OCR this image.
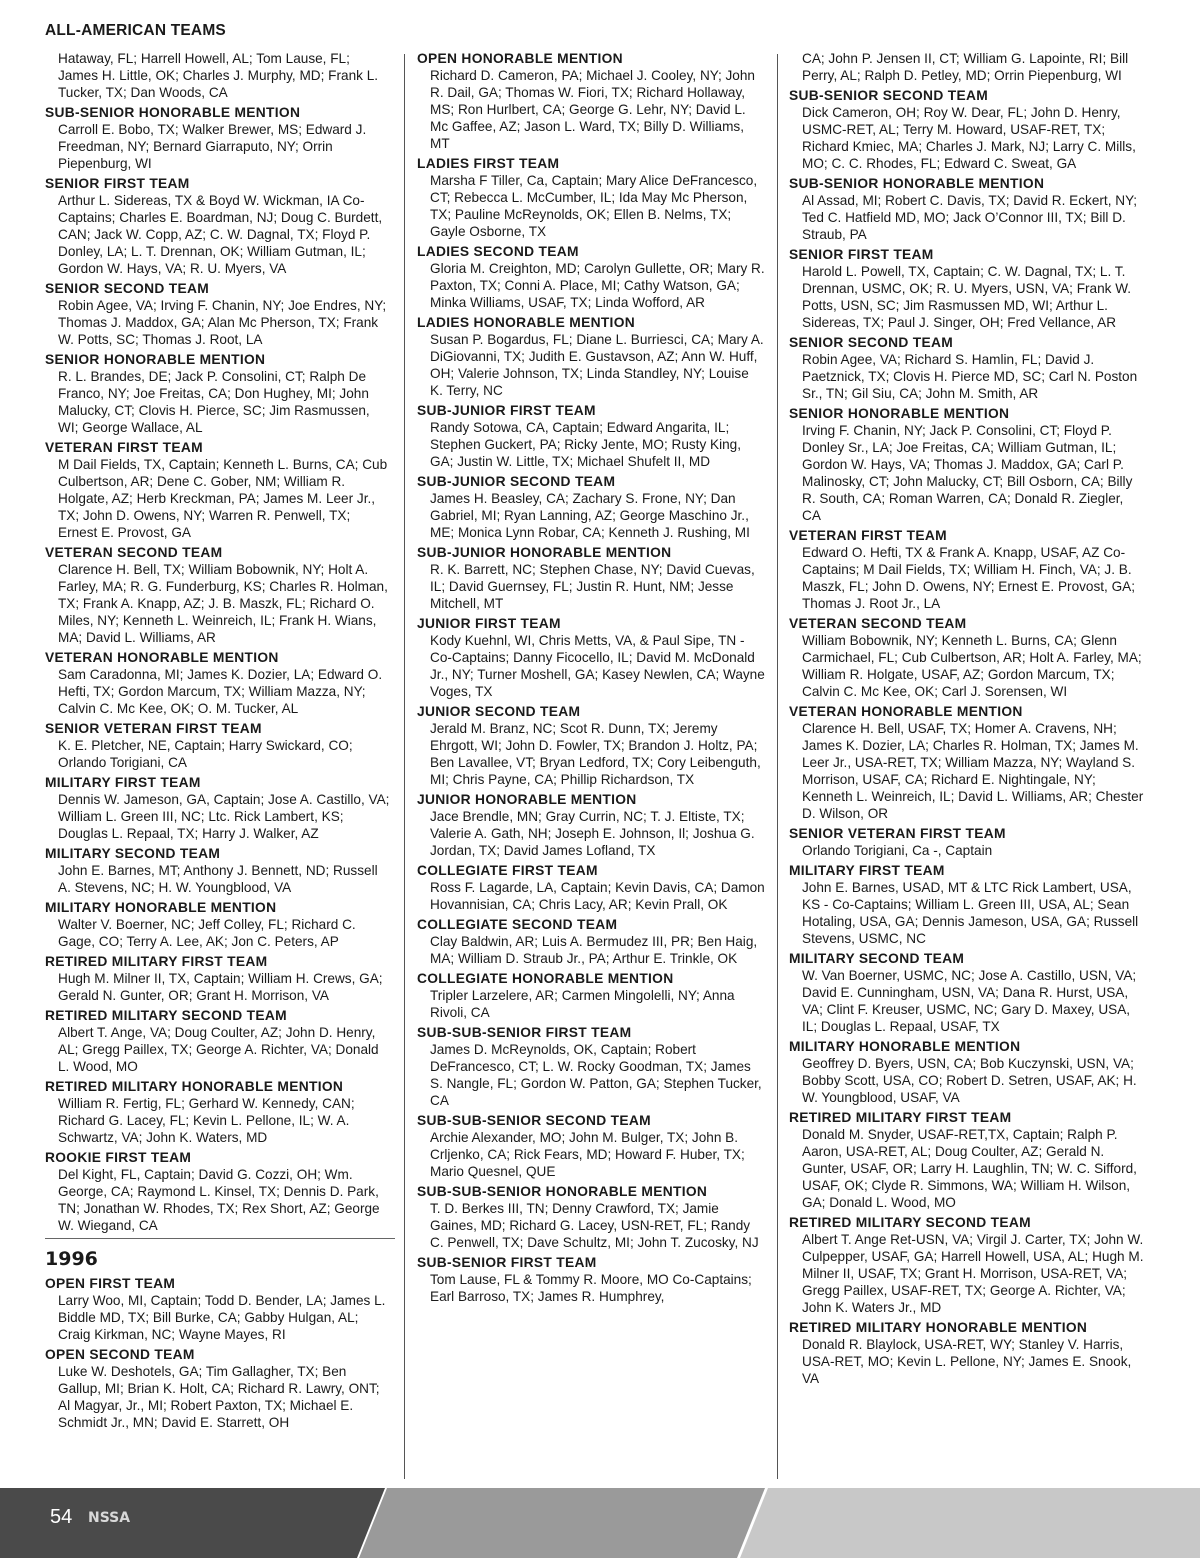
ALL-AMERICAN TEAMS
Hataway, FL; Harrell Howell, AL; Tom Lause, FL; James H. Little, OK; Charles J. Murphy, MD; Frank L. Tucker, TX; Dan Woods, CA
SUB-SENIOR HONORABLE MENTION
Carroll E. Bobo, TX; Walker Brewer, MS; Edward J. Freedman, NY; Bernard Giarraputo, NY; Orrin Piepenburg, WI
SENIOR FIRST TEAM
Arthur L. Sidereas, TX & Boyd W. Wickman, IA Co-Captains; Charles E. Boardman, NJ; Doug C. Burdett, CAN; Jack W. Copp, AZ; C. W. Dagnal, TX; Floyd P. Donley, LA; L. T. Drennan, OK; William Gutman, IL; Gordon W. Hays, VA; R. U. Myers, VA
SENIOR SECOND TEAM
Robin Agee, VA; Irving F. Chanin, NY; Joe Endres, NY; Thomas J. Maddox, GA; Alan Mc Pherson, TX; Frank W. Potts, SC; Thomas J. Root, LA
SENIOR HONORABLE MENTION
R. L. Brandes, DE; Jack P. Consolini, CT; Ralph De Franco, NY; Joe Freitas, CA; Don Hughey, MI; John Malucky, CT; Clovis H. Pierce, SC; Jim Rasmussen, WI; George Wallace, AL
VETERAN FIRST TEAM
M Dail Fields, TX, Captain; Kenneth L. Burns, CA; Cub Culbertson, AR; Dene C. Gober, NM; William R. Holgate, AZ; Herb Kreckman, PA; James M. Leer Jr., TX; John D. Owens, NY; Warren R. Penwell, TX; Ernest E. Provost, GA
VETERAN SECOND TEAM
Clarence H. Bell, TX; William Bobownik, NY; Holt A. Farley, MA; R. G. Funderburg, KS; Charles R. Holman, TX; Frank A. Knapp, AZ; J. B. Maszk, FL; Richard O. Miles, NY; Kenneth L. Weinreich, IL; Frank H. Wians, MA; David L. Williams, AR
VETERAN HONORABLE MENTION
Sam Caradonna, MI; James K. Dozier, LA; Edward O. Hefti, TX; Gordon Marcum, TX; William Mazza, NY; Calvin C. Mc Kee, OK; O. M. Tucker, AL
SENIOR VETERAN FIRST TEAM
K. E. Pletcher, NE, Captain; Harry Swickard, CO; Orlando Torigiani, CA
MILITARY FIRST TEAM
Dennis W. Jameson, GA, Captain; Jose A. Castillo, VA; William L. Green III, NC; Ltc. Rick Lambert, KS; Douglas L. Repaal, TX; Harry J. Walker, AZ
MILITARY SECOND TEAM
John E. Barnes, MT; Anthony J. Bennett, ND; Russell A. Stevens, NC; H. W. Youngblood, VA
MILITARY HONORABLE MENTION
Walter V. Boerner, NC; Jeff Colley, FL; Richard C. Gage, CO; Terry A. Lee, AK; Jon C. Peters, AP
RETIRED MILITARY FIRST TEAM
Hugh M. Milner II, TX, Captain; William H. Crews, GA; Gerald N. Gunter, OR; Grant H. Morrison, VA
RETIRED MILITARY SECOND TEAM
Albert T. Ange, VA; Doug Coulter, AZ; John D. Henry, AL; Gregg Paillex, TX; George A. Richter, VA; Donald L. Wood, MO
RETIRED MILITARY HONORABLE MENTION
William R. Fertig, FL; Gerhard W. Kennedy, CAN; Richard G. Lacey, FL; Kevin L. Pellone, IL; W. A. Schwartz, VA; John K. Waters, MD
ROOKIE FIRST TEAM
Del Kight, FL, Captain; David G. Cozzi, OH; Wm. George, CA; Raymond L. Kinsel, TX; Dennis D. Park, TN; Jonathan W. Rhodes, TX; Rex Short, AZ; George W. Wiegand, CA
1996
OPEN FIRST TEAM
Larry Woo, MI, Captain; Todd D. Bender, LA; James L. Biddle MD, TX; Bill Burke, CA; Gabby Hulgan, AL; Craig Kirkman, NC; Wayne Mayes, RI
OPEN SECOND TEAM
Luke W. Deshotels, GA; Tim Gallagher, TX; Ben Gallup, MI; Brian K. Holt, CA; Richard R. Lawry, ONT; Al Magyar, Jr., MI; Robert Paxton, TX; Michael E. Schmidt Jr., MN; David E. Starrett, OH
OPEN HONORABLE MENTION
Richard D. Cameron, PA; Michael J. Cooley, NY; John R. Dail, GA; Thomas W. Fiori, TX; Richard Hollaway, MS; Ron Hurlbert, CA; George G. Lehr, NY; David L. Mc Gaffee, AZ; Jason L. Ward, TX; Billy D. Williams, MT
LADIES FIRST TEAM
Marsha F Tiller, Ca, Captain; Mary Alice DeFrancesco, CT; Rebecca L. McCumber, IL; Ida May Mc Pherson, TX; Pauline McReynolds, OK; Ellen B. Nelms, TX; Gayle Osborne, TX
LADIES SECOND TEAM
Gloria M. Creighton, MD; Carolyn Gullette, OR; Mary R. Paxton, TX; Conni A. Place, MI; Cathy Watson, GA; Minka Williams, USAF, TX; Linda Wofford, AR
LADIES HONORABLE MENTION
Susan P. Bogardus, FL; Diane L. Burriesci, CA; Mary A. DiGiovanni, TX; Judith E. Gustavson, AZ; Ann W. Huff, OH; Valerie Johnson, TX; Linda Standley, NY; Louise K. Terry, NC
SUB-JUNIOR FIRST TEAM
Randy Sotowa, CA, Captain; Edward Angarita, IL; Stephen Guckert, PA; Ricky Jente, MO; Rusty King, GA; Justin W. Little, TX; Michael Shufelt II, MD
SUB-JUNIOR SECOND TEAM
James H. Beasley, CA; Zachary S. Frone, NY; Dan Gabriel, MI; Ryan Lanning, AZ; George Maschino Jr., ME; Monica Lynn Robar, CA; Kenneth J. Rushing, MI
SUB-JUNIOR HONORABLE MENTION
R. K. Barrett, NC; Stephen Chase, NY; David Cuevas, IL; David Guernsey, FL; Justin R. Hunt, NM; Jesse Mitchell, MT
JUNIOR FIRST TEAM
Kody Kuehnl, WI, Chris Metts, VA, & Paul Sipe, TN - Co-Captains; Danny Ficocello, IL; David M. McDonald Jr., NY; Turner Moshell, GA; Kasey Newlen, CA; Wayne Voges, TX
JUNIOR SECOND TEAM
Jerald M. Branz, NC; Scot R. Dunn, TX; Jeremy Ehrgott, WI; John D. Fowler, TX; Brandon J. Holtz, PA; Ben Lavallee, VT; Bryan Ledford, TX; Cory Leibenguth, MI; Chris Payne, CA; Phillip Richardson, TX
JUNIOR HONORABLE MENTION
Jace Brendle, MN; Gray Currin, NC; T. J. Eltiste, TX; Valerie A. Gath, NH; Joseph E. Johnson, Il; Joshua G. Jordan, TX; David James Lofland, TX
COLLEGIATE FIRST TEAM
Ross F. Lagarde, LA, Captain; Kevin Davis, CA; Damon Hovannisian, CA; Chris Lacy, AR; Kevin Prall, OK
COLLEGIATE SECOND TEAM
Clay Baldwin, AR; Luis A. Bermudez III, PR; Ben Haig, MA; William D. Straub Jr., PA; Arthur E. Trinkle, OK
COLLEGIATE HONORABLE MENTION
Tripler Larzelere, AR; Carmen Mingolelli, NY; Anna Rivoli, CA
SUB-SUB-SENIOR FIRST TEAM
James D. McReynolds, OK, Captain; Robert DeFrancesco, CT; L. W. Rocky Goodman, TX; James S. Nangle, FL; Gordon W. Patton, GA; Stephen Tucker, CA
SUB-SUB-SENIOR SECOND TEAM
Archie Alexander, MO; John M. Bulger, TX; John B. Crljenko, CA; Rick Fears, MD; Howard F. Huber, TX; Mario Quesnel, QUE
SUB-SUB-SENIOR HONORABLE MENTION
T. D. Berkes III, TN; Denny Crawford, TX; Jamie Gaines, MD; Richard G. Lacey, USN-RET, FL; Randy C. Penwell, TX; Dave Schultz, MI; John T. Zucosky, NJ
SUB-SENIOR FIRST TEAM
Tom Lause, FL & Tommy R. Moore, MO Co-Captains; Earl Barroso, TX; James R. Humphrey,
CA; John P. Jensen II, CT; William G. Lapointe, RI; Bill Perry, AL; Ralph D. Petley, MD; Orrin Piepenburg, WI
SUB-SENIOR SECOND TEAM
Dick Cameron, OH; Roy W. Dear, FL; John D. Henry, USMC-RET, AL; Terry M. Howard, USAF-RET, TX; Richard Kmiec, MA; Charles J. Mark, NJ; Larry C. Mills, MO; C. C. Rhodes, FL; Edward C. Sweat, GA
SUB-SENIOR HONORABLE MENTION
Al Assad, MI; Robert C. Davis, TX; David R. Eckert, NY; Ted C. Hatfield MD, MO; Jack O’Connor III, TX; Bill D. Straub, PA
SENIOR FIRST TEAM
Harold L. Powell, TX, Captain; C. W. Dagnal, TX; L. T. Drennan, USMC, OK; R. U. Myers, USN, VA; Frank W. Potts, USN, SC; Jim Rasmussen MD, WI; Arthur L. Sidereas, TX; Paul J. Singer, OH; Fred Vellance, AR
SENIOR SECOND TEAM
Robin Agee, VA; Richard S. Hamlin, FL; David J. Paetznick, TX; Clovis H. Pierce MD, SC; Carl N. Poston Sr., TN; Gil Siu, CA; John M. Smith, AR
SENIOR HONORABLE MENTION
Irving F. Chanin, NY; Jack P. Consolini, CT; Floyd P. Donley Sr., LA; Joe Freitas, CA; William Gutman, IL; Gordon W. Hays, VA; Thomas J. Maddox, GA; Carl P. Malinosky, CT; John Malucky, CT; Bill Osborn, CA; Billy R. South, CA; Roman Warren, CA; Donald R. Ziegler, CA
VETERAN FIRST TEAM
Edward O. Hefti, TX & Frank A. Knapp, USAF, AZ Co-Captains; M Dail Fields, TX; William H. Finch, VA; J. B. Maszk, FL; John D. Owens, NY; Ernest E. Provost, GA; Thomas J. Root Jr., LA
VETERAN SECOND TEAM
William Bobownik, NY; Kenneth L. Burns, CA; Glenn Carmichael, FL; Cub Culbertson, AR; Holt A. Farley, MA; William R. Holgate, USAF, AZ; Gordon Marcum, TX; Calvin C. Mc Kee, OK; Carl J. Sorensen, WI
VETERAN HONORABLE MENTION
Clarence H. Bell, USAF, TX; Homer A. Cravens, NH; James K. Dozier, LA; Charles R. Holman, TX; James M. Leer Jr., USA-RET, TX; William Mazza, NY; Wayland S. Morrison, USAF, CA; Richard E. Nightingale, NY; Kenneth L. Weinreich, IL; David L. Williams, AR; Chester D. Wilson, OR
SENIOR VETERAN FIRST TEAM
Orlando Torigiani, Ca -, Captain
MILITARY FIRST TEAM
John E. Barnes, USAD, MT & LTC Rick Lambert, USA, KS - Co-Captains; William L. Green III, USA, AL; Sean Hotaling, USA, GA; Dennis Jameson, USA, GA; Russell Stevens, USMC, NC
MILITARY SECOND TEAM
W. Van Boerner, USMC, NC; Jose A. Castillo, USN, VA; David E. Cunningham, USN, VA; Dana R. Hurst, USA, VA; Clint F. Kreuser, USMC, NC; Gary D. Maxey, USA, IL; Douglas L. Repaal, USAF, TX
MILITARY HONORABLE MENTION
Geoffrey D. Byers, USN, CA; Bob Kuczynski, USN, VA; Bobby Scott, USA, CO; Robert D. Setren, USAF, AK; H. W. Youngblood, USAF, VA
RETIRED MILITARY FIRST TEAM
Donald M. Snyder, USAF-RET,TX, Captain; Ralph P. Aaron, USA-RET, AL; Doug Coulter, AZ; Gerald N. Gunter, USAF, OR; Larry H. Laughlin, TN; W. C. Sifford, USAF, OK; Clyde R. Simmons, WA; William H. Wilson, GA; Donald L. Wood, MO
RETIRED MILITARY SECOND TEAM
Albert T. Ange Ret-USN, VA; Virgil J. Carter, TX; John W. Culpepper, USAF, GA; Harrell Howell, USA, AL; Hugh M. Milner II, USAF, TX; Grant H. Morrison, USA-RET, VA; Gregg Paillex, USAF-RET, TX; George A. Richter, VA; John K. Waters Jr., MD
RETIRED MILITARY HONORABLE MENTION
Donald R. Blaylock, USA-RET, WY; Stanley V. Harris, USA-RET, MO; Kevin L. Pellone, NY; James E. Snook, VA
54 NSSA
